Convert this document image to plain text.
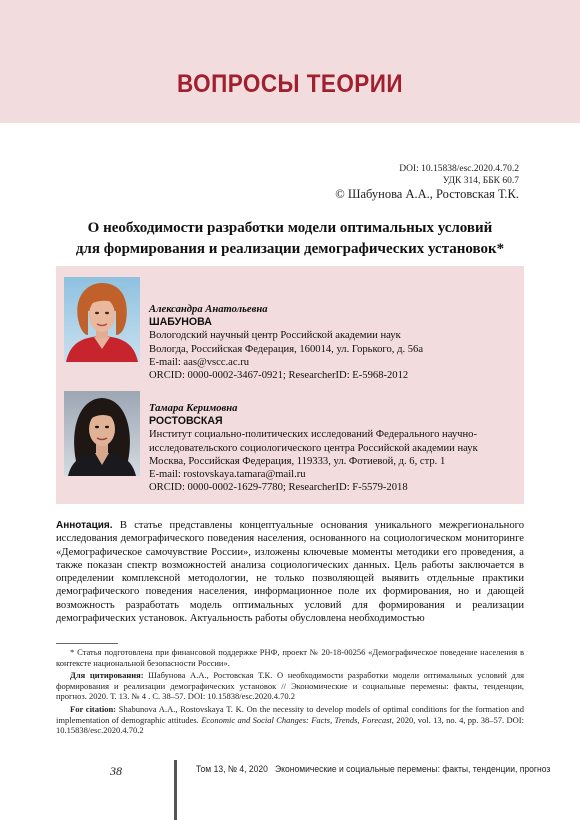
ВОПРОСЫ ТЕОРИИ
DOI: 10.15838/esc.2020.4.70.2
УДК 314, ББК 60.7
© Шабунова А.А., Ростовская Т.К.
О необходимости разработки модели оптимальных условий
для формирования и реализации демографических установок*
Александра Анатольевна
ШАБУНОВА
Вологодский научный центр Российской академии наук
Вологда, Российская Федерация, 160014, ул. Горького, д. 56а
E-mail: aas@vscc.ac.ru
ORCID: 0000-0002-3467-0921; ResearcherID: E-5968-2012
Тамара Керимовна
РОСТОВСКАЯ
Институт социально-политических исследований Федерального научно-
исследовательского социологического центра Российской академии наук
Москва, Российская Федерация, 119333, ул. Фотиевой, д. 6, стр. 1
E-mail: rostovskaya.tamara@mail.ru
ORCID: 0000-0002-1629-7780; ResearcherID: F-5579-2018
Аннотация. В статье представлены концептуальные основания уникального межрегионального исследования демографического поведения населения, основанного на социологическом мониторинге «Демографическое самочувствие России», изложены ключевые моменты методики его проведения, а также показан спектр возможностей анализа социологических данных. Цель работы заключается в определении комплексной методологии, не только позволяющей выявить отдельные практики демографического поведения населения, информационное поле их формирования, но и дающей возможность разработать модель оптимальных условий для формирования и реализации демографических установок. Актуальность работы обусловлена необходимостью

* Статья подготовлена при финансовой поддержке РНФ, проект № 20-18-00256 «Демографическое поведение населения в контексте национальной безопасности России».

Для цитирования: Шабунова А.А., Ростовская Т.К. О необходимости разработки модели оптимальных условий для формирования и реализации демографических установок // Экономические и социальные перемены: факты, тенденции, прогноз. 2020. Т. 13. № 4 . С. 38–57. DOI: 10.15838/esc.2020.4.70.2

For citation: Shabunova A.A., Rostovskaya T. K. On the necessity to develop models of optimal conditions for the formation and implementation of demographic attitudes. Economic and Social Changes: Facts, Trends, Forecast, 2020, vol. 13, no. 4, pp. 38–57. DOI: 10.15838/esc.2020.4.70.2

38	Том 13, № 4, 2020 Экономические и социальные перемены: факты, тенденции, прогноз
